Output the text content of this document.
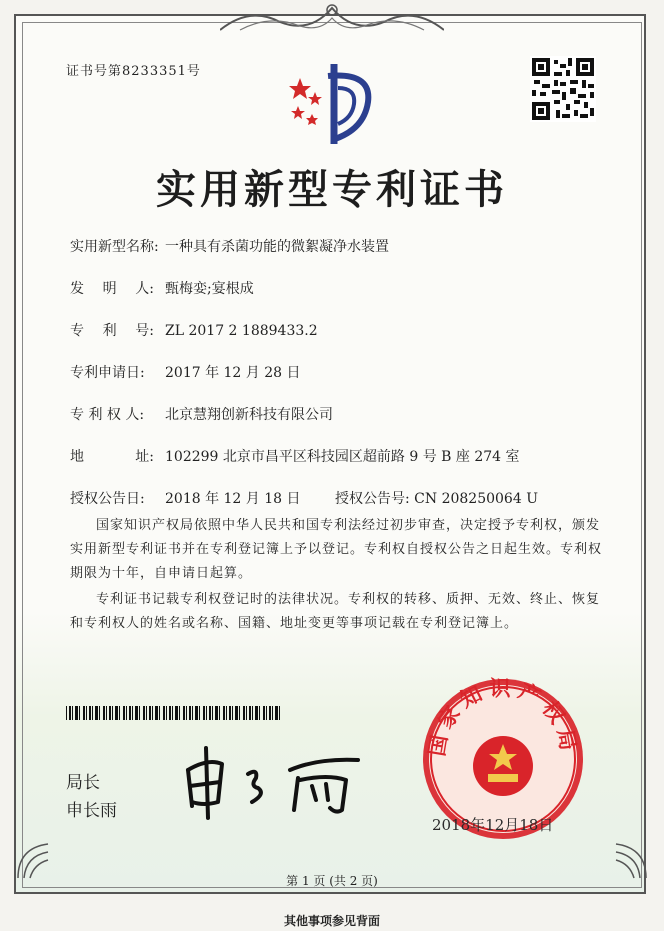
证书号第8233351号
实用新型专利证书
实用新型名称: 一种具有杀菌功能的微絮凝净水装置
发 明 人: 甄梅娈;宴根成
专 利 号: ZL 2017 2 1889433.2
专利申请日: 2017 年 12 月 28 日
专 利 权 人: 北京慧翔创新科技有限公司
地	址: 102299 北京市昌平区科技园区超前路 9 号 B 座 274 室
授权公告日: 2018 年 12 月 18 日 授权公告号: CN 208250064 U
国家知识产权局依照中华人民共和国专利法经过初步审查，决定授予专利权，颁发实用新型专利证书并在专利登记簿上予以登记。专利权自授权公告之日起生效。专利权期限为十年，自申请日起算。
专利证书记载专利权登记时的法律状况。专利权的转移、质押、无效、终止、恢复和专利权人的姓名或名称、国籍、地址变更等事项记载在专利登记簿上。
局长
申长雨
国家知识产权局
2018年12月18日
第 1 页 (共 2 页)
其他事项参见背面
